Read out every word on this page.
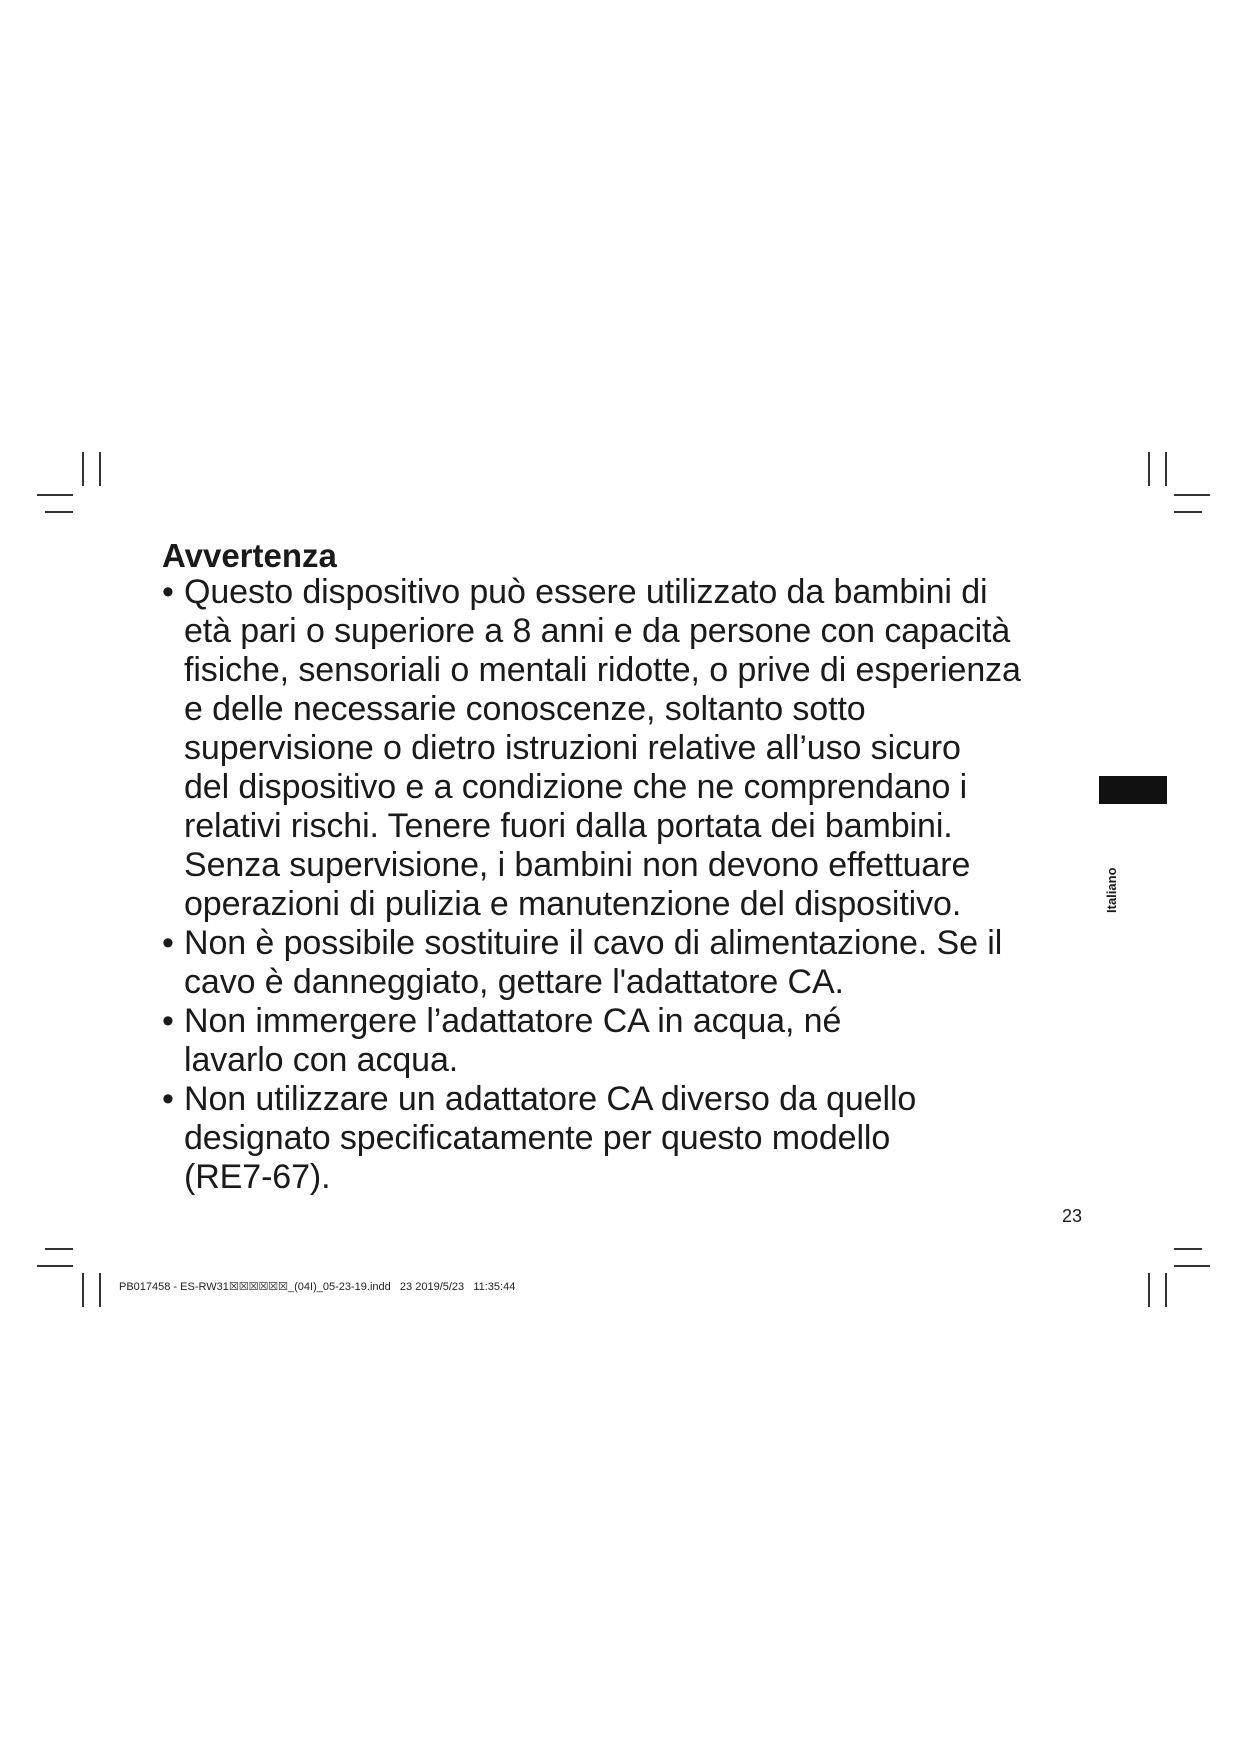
Avvertenza
• Questo dispositivo può essere utilizzato da bambini di
età pari o superiore a 8 anni e da persone con capacità
fisiche, sensoriali o mentali ridotte, o prive di esperienza
e delle necessarie conoscenze, soltanto sotto
supervisione o dietro istruzioni relative all’uso sicuro
del dispositivo e a condizione che ne comprendano i
relativi rischi. Tenere fuori dalla portata dei bambini.
Senza supervisione, i bambini non devono effettuare
operazioni di pulizia e manutenzione del dispositivo.
• Non è possibile sostituire il cavo di alimentazione. Se il
cavo è danneggiato, gettare l'adattatore CA.
• Non immergere l’adattatore CA in acqua, né
lavarlo con acqua.
• Non utilizzare un adattatore CA diverso da quello
designato specificatamente per questo modello
(RE7-67).
Italiano
23
PB017458 - ES-RW31☒☒☒☒☒☒_(04I)_05-23-19.indd   23 2019/5/23   11:35:44
